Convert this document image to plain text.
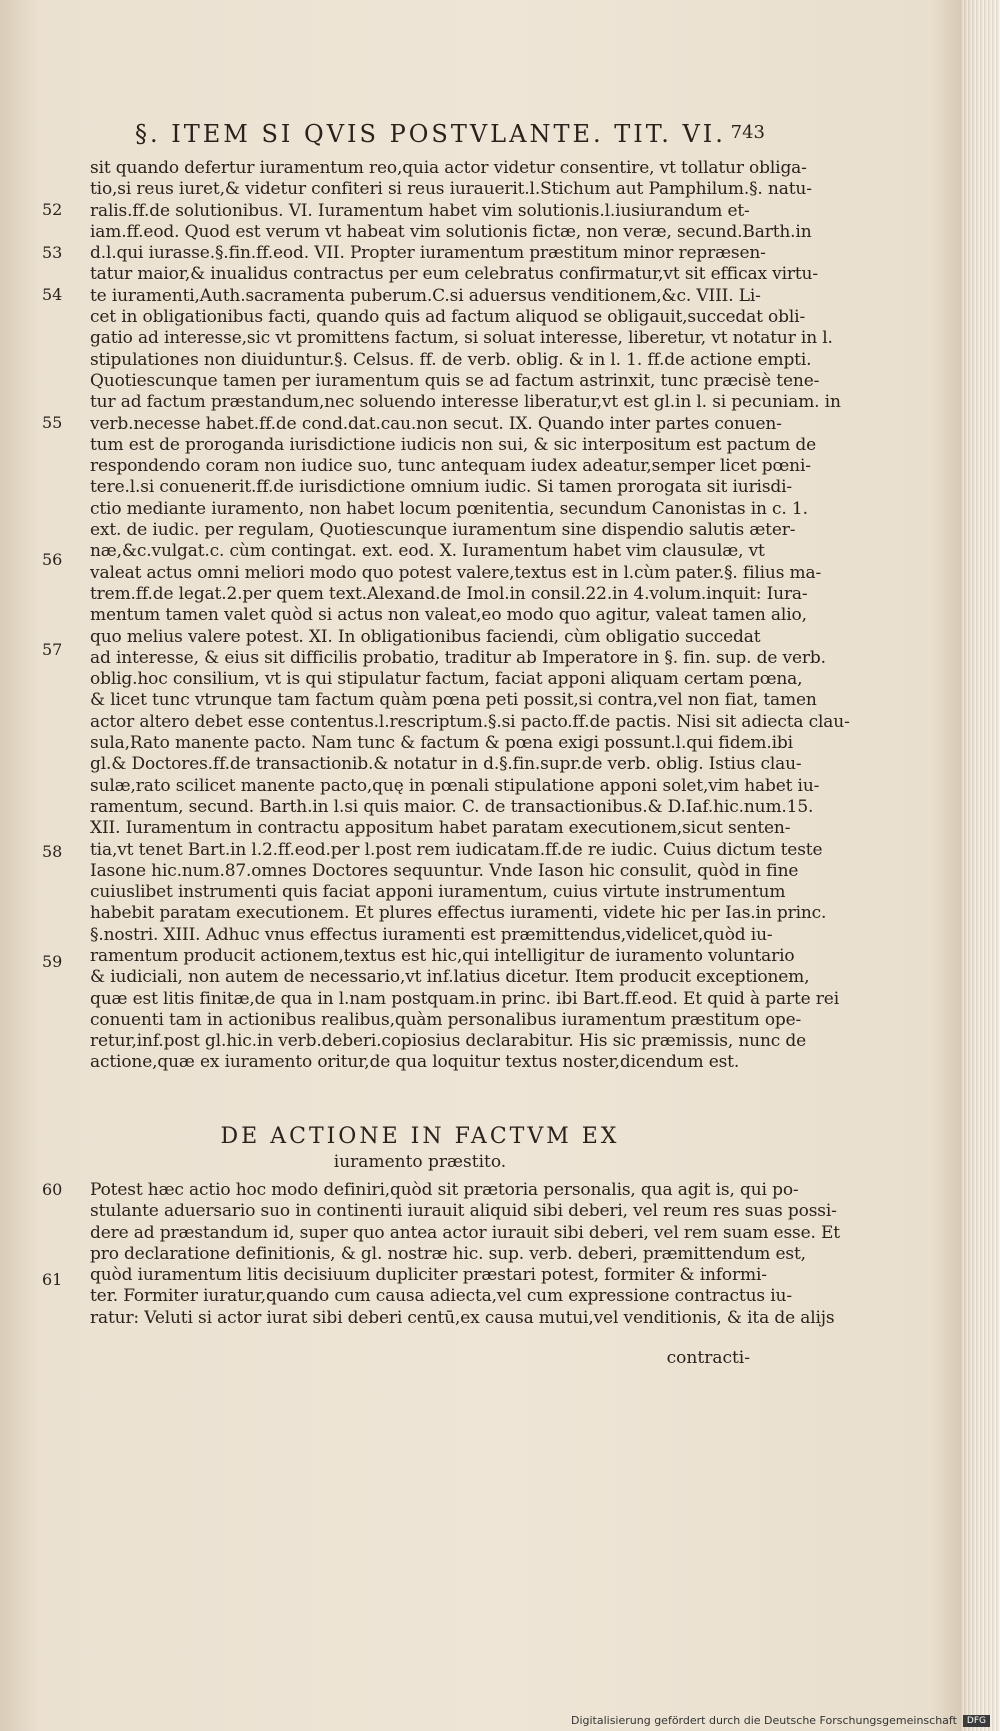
§. ITEM SI QVIS POSTVLANTE. TIT. VI. 743
52
53
54
55
56
57
58
59
60
61
sit quando defertur iuramentum reo,quia actor videtur consentire, vt tollatur obliga-
tio,si reus iuret,& videtur confiteri si reus iurauerit.l.Stichum aut Pamphilum.§. natu-
ralis.ff.de solutionibus. VI. Iuramentum habet vim solutionis.l.iusiurandum et-
iam.ff.eod. Quod est verum vt habeat vim solutionis fictæ, non veræ, secund.Barth.in
d.l.qui iurasse.§.fin.ff.eod. VII. Propter iuramentum præstitum minor repræsen-
tatur maior,& inualidus contractus per eum celebratus confirmatur,vt sit efficax virtu-
te iuramenti,Auth.sacramenta puberum.C.si aduersus venditionem,&c. VIII. Li-
cet in obligationibus facti, quando quis ad factum aliquod se obligauit,succedat obli-
gatio ad interesse,sic vt promittens factum, si soluat interesse, liberetur, vt notatur in l.
stipulationes non diuiduntur.§. Celsus. ff. de verb. oblig. & in l. 1. ff.de actione empti.
Quotiescunque tamen per iuramentum quis se ad factum astrinxit, tunc præcisè tene-
tur ad factum præstandum,nec soluendo interesse liberatur,vt est gl.in l. si pecuniam. in
verb.necesse habet.ff.de cond.dat.cau.non secut. IX. Quando inter partes conuen-
tum est de proroganda iurisdictione iudicis non sui, & sic interpositum est pactum de
respondendo coram non iudice suo, tunc antequam iudex adeatur,semper licet pœni-
tere.l.si conuenerit.ff.de iurisdictione omnium iudic. Si tamen prorogata sit iurisdi-
ctio mediante iuramento, non habet locum pœnitentia, secundum Canonistas in c. 1.
ext. de iudic. per regulam, Quotiescunque iuramentum sine dispendio salutis æter-
næ,&c.vulgat.c. cùm contingat. ext. eod. X. Iuramentum habet vim clausulæ, vt
valeat actus omni meliori modo quo potest valere,textus est in l.cùm pater.§. filius ma-
trem.ff.de legat.2.per quem text.Alexand.de Imol.in consil.22.in 4.volum.inquit: Iura-
mentum tamen valet quòd si actus non valeat,eo modo quo agitur, valeat tamen alio,
quo melius valere potest. XI. In obligationibus faciendi, cùm obligatio succedat
ad interesse, & eius sit difficilis probatio, traditur ab Imperatore in §. fin. sup. de verb.
oblig.hoc consilium, vt is qui stipulatur factum, faciat apponi aliquam certam pœna,
& licet tunc vtrunque tam factum quàm pœna peti possit,si contra,vel non fiat, tamen
actor altero debet esse contentus.l.rescriptum.§.si pacto.ff.de pactis. Nisi sit adiecta clau-
sula,Rato manente pacto. Nam tunc & factum & pœna exigi possunt.l.qui fidem.ibi
gl.& Doctores.ff.de transactionib.& notatur in d.§.fin.supr.de verb. oblig. Istius clau-
sulæ,rato scilicet manente pacto,quę in pœnali stipulatione apponi solet,vim habet iu-
ramentum, secund. Barth.in l.si quis maior. C. de transactionibus.& D.Iaf.hic.num.15.
XII. Iuramentum in contractu appositum habet paratam executionem,sicut senten-
tia,vt tenet Bart.in l.2.ff.eod.per l.post rem iudicatam.ff.de re iudic. Cuius dictum teste
Iasone hic.num.87.omnes Doctores sequuntur. Vnde Iason hic consulit, quòd in fine
cuiuslibet instrumenti quis faciat apponi iuramentum, cuius virtute instrumentum
habebit paratam executionem. Et plures effectus iuramenti, videte hic per Ias.in princ.
§.nostri. XIII. Adhuc vnus effectus iuramenti est præmittendus,videlicet,quòd iu-
ramentum producit actionem,textus est hic,qui intelligitur de iuramento voluntario
& iudiciali, non autem de necessario,vt inf.latius dicetur. Item producit exceptionem,
quæ est litis finitæ,de qua in l.nam postquam.in princ. ibi Bart.ff.eod. Et quid à parte rei
conuenti tam in actionibus realibus,quàm personalibus iuramentum præstitum ope-
retur,inf.post gl.hic.in verb.deberi.copiosius declarabitur. His sic præmissis, nunc de
actione,quæ ex iuramento oritur,de qua loquitur textus noster,dicendum est.
DE ACTIONE IN FACTVM EX
iuramento præstito.
Potest hæc actio hoc modo definiri,quòd sit prætoria personalis, qua agit is, qui po-
stulante aduersario suo in continenti iurauit aliquid sibi deberi, vel reum res suas possi-
dere ad præstandum id, super quo antea actor iurauit sibi deberi, vel rem suam esse. Et
pro declaratione definitionis, & gl. nostræ hic. sup. verb. deberi, præmittendum est,
quòd iuramentum litis decisiuum dupliciter præstari potest, formiter & informi-
ter. Formiter iuratur,quando cum causa adiecta,vel cum expressione contractus iu-
ratur: Veluti si actor iurat sibi deberi centū,ex causa mutui,vel venditionis, & ita de alijs
contracti-
Digitalisierung gefördert durch die Deutsche Forschungsgemeinschaft	DFG
